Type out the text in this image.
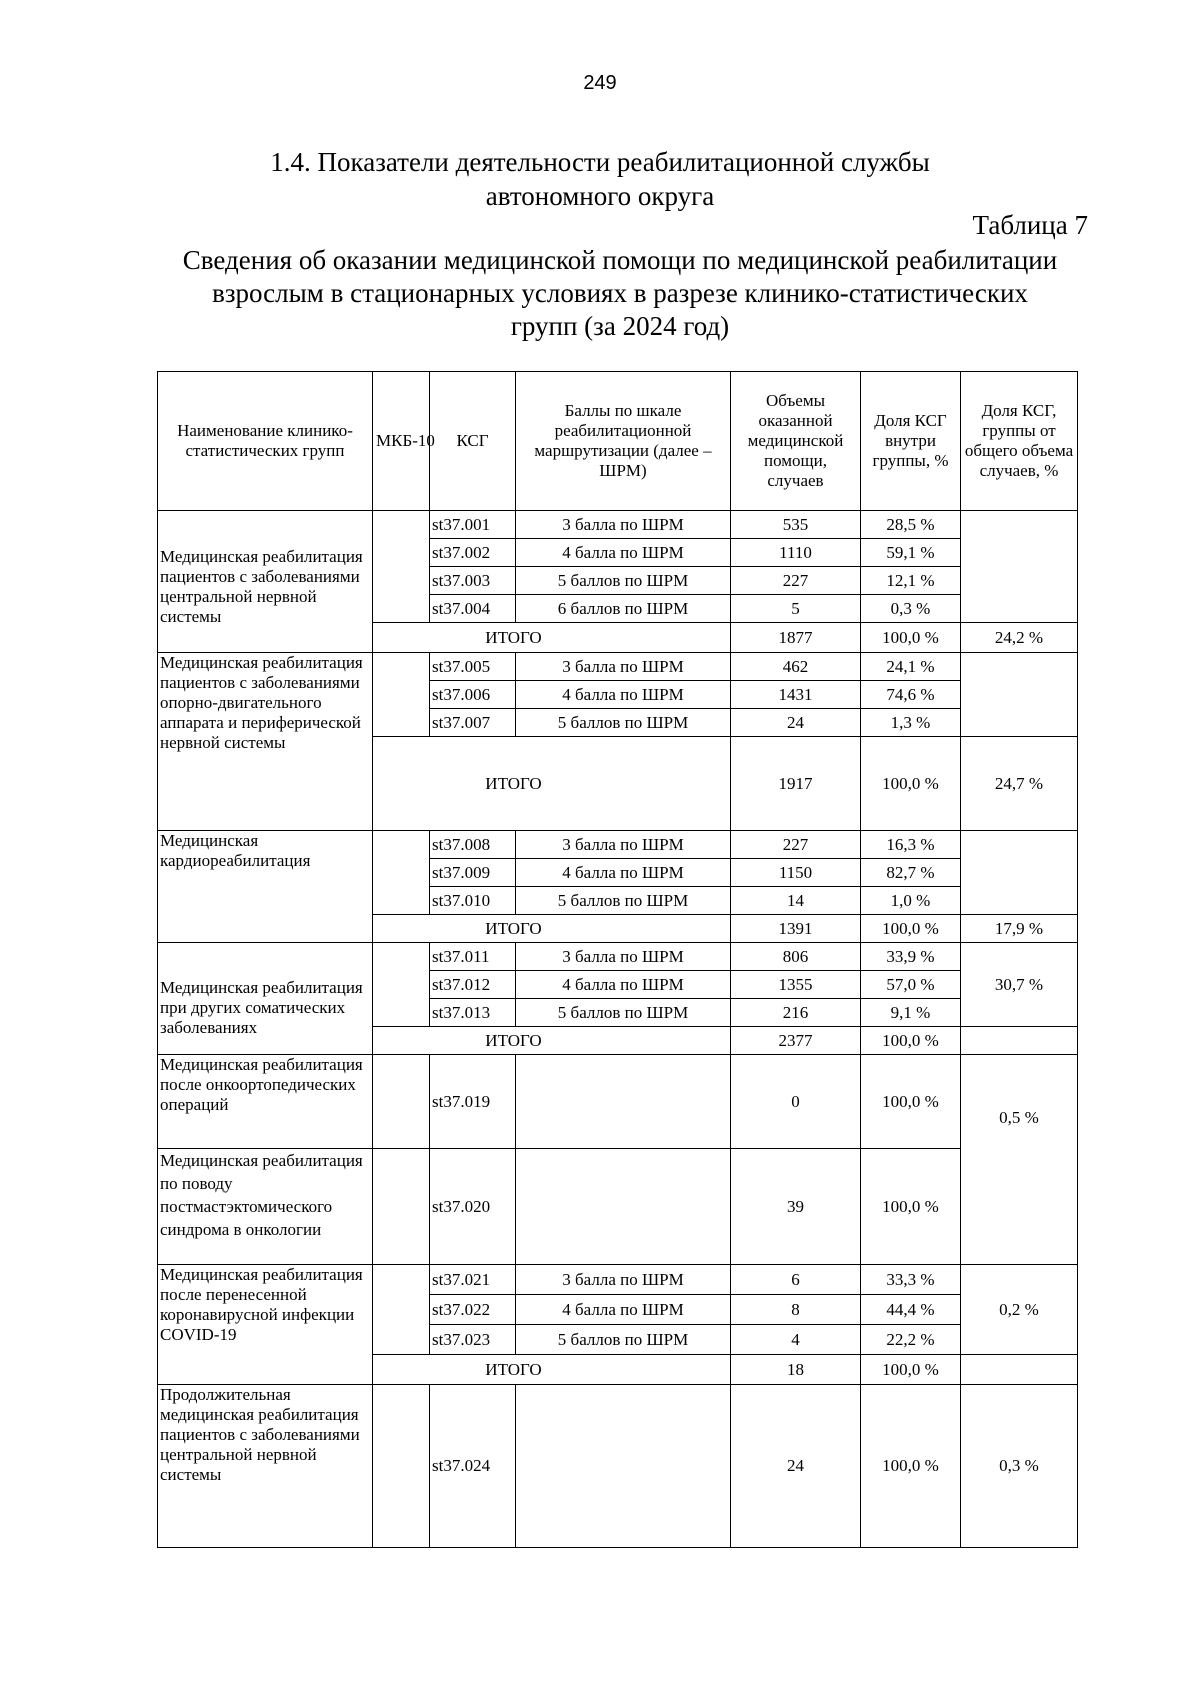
249
1.4. Показатели деятельности реабилитационной службы
автономного округа
Таблица 7
Сведения об оказании медицинской помощи по медицинской реабилитации
взрослым в стационарных условиях в разрезе клинико-статистических
групп (за 2024 год)
Наименование клинико-статистических групп	МКБ-10	КСГ	Баллы по шкале реабилитационной маршрутизации (далее – ШРМ)	Объемы оказанной медицинской помощи, случаев	Доля КСГ внутри группы, %	Доля КСГ, группы от общего объема случаев, %
Медицинская реабилитация пациентов с заболеваниями центральной нервной системы		st37.001	3 балла по ШРМ	535	28,5 %	
		st37.002	4 балла по ШРМ	1110	59,1 %	
		st37.003	5 баллов по ШРМ	227	12,1 %	
		st37.004	6 баллов по ШРМ	5	0,3 %	
	ИТОГО			1877	100,0 %	24,2 %
Медицинская реабилитация пациентов с заболеваниями опорно-двигательного аппарата и периферической нервной системы		st37.005	3 балла по ШРМ	462	24,1 %	
		st37.006	4 балла по ШРМ	1431	74,6 %	
		st37.007	5 баллов по ШРМ	24	1,3 %	
	ИТОГО			1917	100,0 %	24,7 %
Медицинская кардиореабилитация		st37.008	3 балла по ШРМ	227	16,3 %	
		st37.009	4 балла по ШРМ	1150	82,7 %	
		st37.010	5 баллов по ШРМ	14	1,0 %	
	ИТОГО			1391	100,0 %	17,9 %
Медицинская реабилитация при других соматических заболеваниях		st37.011	3 балла по ШРМ	806	33,9 %	30,7 %
		st37.012	4 балла по ШРМ	1355	57,0 %	
		st37.013	5 баллов по ШРМ	216	9,1 %	
	ИТОГО			2377	100,0 %	
Медицинская реабилитация после онкоортопедических операций		st37.019		0	100,0 %	0,5 %
Медицинская реабилитация по поводу постмастэктомического синдрома в онкологии		st37.020		39	100,0 %	
Медицинская реабилитация после перенесенной коронавирусной инфекции COVID-19		st37.021	3 балла по ШРМ	6	33,3 %	0,2 %
		st37.022	4 балла по ШРМ	8	44,4 %	
		st37.023	5 баллов по ШРМ	4	22,2 %	
	ИТОГО			18	100,0 %	
Продолжительная медицинская реабилитация пациентов с заболеваниями центральной нервной системы		st37.024		24	100,0 %	0,3 %
